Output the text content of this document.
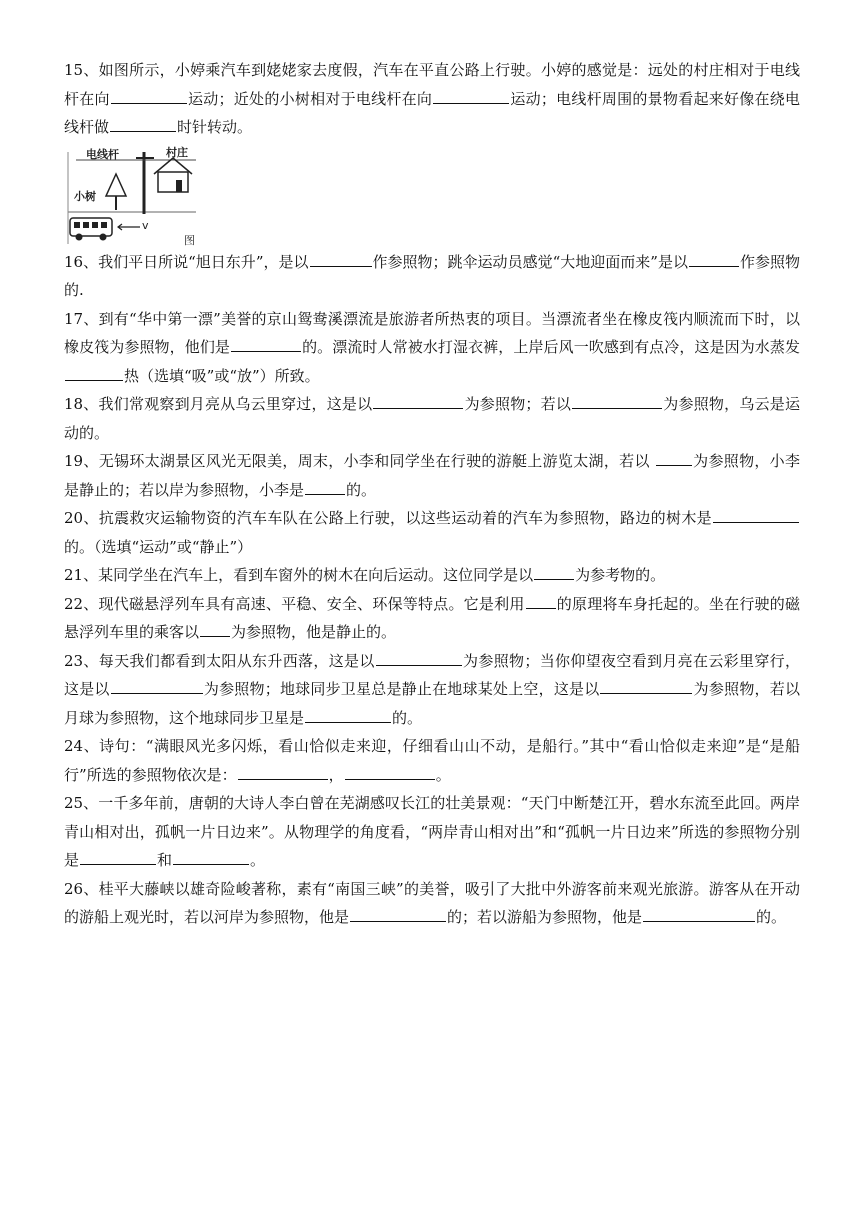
15、如图所示，小婷乘汽车到姥姥家去度假，汽车在平直公路上行驶。小婷的感觉是：远处的村庄相对于电线杆在向	运动；近处的小树相对于电线杆在向	运动；电线杆周围的景物看起来好像在绕电线杆做	时针转动。

电线杆	村庄
小树
v
图

16、我们平日所说“旭日东升”，是以	作参照物；跳伞运动员感觉“大地迎面而来”是以	作参照物的.

17、到有“华中第一漂”美誉的京山鸳鸯溪漂流是旅游者所热衷的项目。当漂流者坐在橡皮筏内顺流而下时，以橡皮筏为参照物，他们是	的。漂流时人常被水打湿衣裤，上岸后风一吹感到有点冷，这是因为水蒸发热（选填“吸”或“放”）所致。

18、我们常观察到月亮从乌云里穿过，这是以	为参照物；若以	为参照物，乌云是运动的。

19、无锡环太湖景区风光无限美，周末，小李和同学坐在行驶的游艇上游览太湖，若以	为参照物，小李是静止的；若以岸为参照物，小李是	的。

20、抗震救灾运输物资的汽车车队在公路上行驶，以这些运动着的汽车为参照物，路边的树木是的。（选填“运动”或“静止”）

21、某同学坐在汽车上，看到车窗外的树木在向后运动。这位同学是以	为参考物的。

22、现代磁悬浮列车具有高速、平稳、安全、环保等特点。它是利用 的原理将车身托起的。坐在行驶的磁悬浮列车里的乘客以 为参照物，他是静止的。

23、每天我们都看到太阳从东升西落，这是以	为参照物；当你仰望夜空看到月亮在云彩里穿行，这是以	为参照物；地球同步卫星总是静止在地球某处上空，这是以	为参照物，若以月球为参照物，这个地球同步卫星是	的。

24、诗句：“满眼风光多闪烁，看山恰似走来迎，仔细看山山不动，是船行。”其中“看山恰似走来迎”是“是船行”所选的参照物依次是：	，	。

25、一千多年前，唐朝的大诗人李白曾在芜湖感叹长江的壮美景观：“天门中断楚江开，碧水东流至此回。两岸青山相对出，孤帆一片日边来”。从物理学的角度看，“两岸青山相对出”和“孤帆一片日边来”所选的参照物分别是	和	。

26、桂平大藤峡以雄奇险峻著称，素有“南国三峡”的美誉，吸引了大批中外游客前来观光旅游。游客从在开动的游船上观光时，若以河岸为参照物，他是	的；若以游船为参照物，他是	的。
